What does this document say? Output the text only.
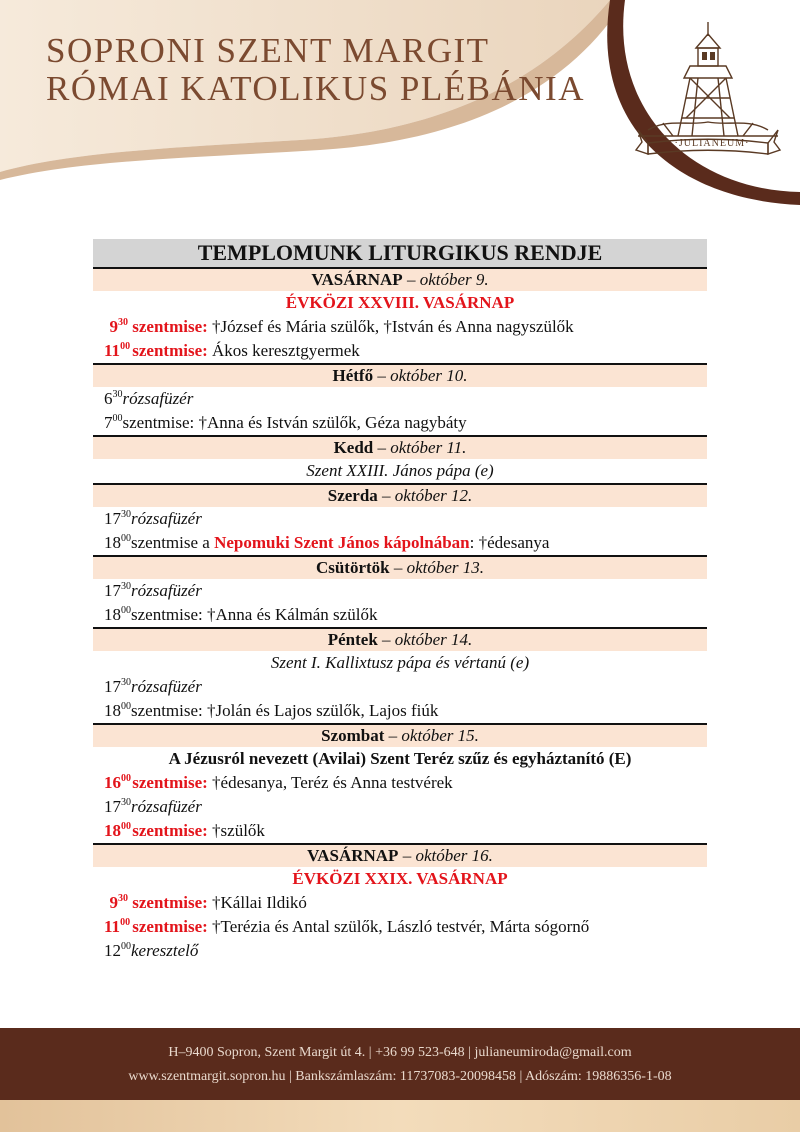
SOPRONI SZENT MARGIT
RÓMAI KATOLIKUS PLÉBÁNIA
·JULIANEUM·
TEMPLOMUNK LITURGIKUS RENDJE
VASÁRNAP – október 9.
ÉVKÖZI XXVIII. VASÁRNAP
$9^{30}$ szentmise: †József és Mária szülők, †István és Anna nagyszülők
$11^{00}$ szentmise: Ákos keresztgyermek
Hétfő – október 10.
$6^{30}rózsafüzér$
$7^{00}szentmise$: †Anna és István szülők, Géza nagybáty
Kedd – október 11.
Szent XXIII. János pápa (e)
Szerda – október 12.
$17^{30}rózsafüzér$
$18^{00}szentmise$ a Nepomuki Szent János kápolnában: †édesanya
Csütörtök – október 13.
$17^{30}rózsafüzér$
$18^{00}szentmise$: †Anna és Kálmán szülők
Péntek – október 14.
Szent I. Kallixtusz pápa és vértanú (e)
$17^{30}rózsafüzér$
$18^{00}szentmise$: †Jolán és Lajos szülők, Lajos fiúk
Szombat – október 15.
A Jézusról nevezett (Avilai) Szent Teréz szűz és egyháztanító (E)
$16^{00}$ szentmise: †édesanya, Teréz és Anna testvérek
$17^{30}rózsafüzér$
$18^{00}$ szentmise: †szülők
VASÁRNAP – október 16.
ÉVKÖZI XXIX. VASÁRNAP
$9^{30}$ szentmise: †Kállai Ildikó
$11^{00}$ szentmise: †Terézia és Antal szülők, László testvér, Márta sógornő
$12^{00}keresztelő$
H–9400 Sopron, Szent Margit út 4. | +36 99 523-648 | julianeumiroda@gmail.com
www.szentmargit.sopron.hu | Bankszámlaszám: 11737083-20098458 | Adószám: 19886356-1-08
